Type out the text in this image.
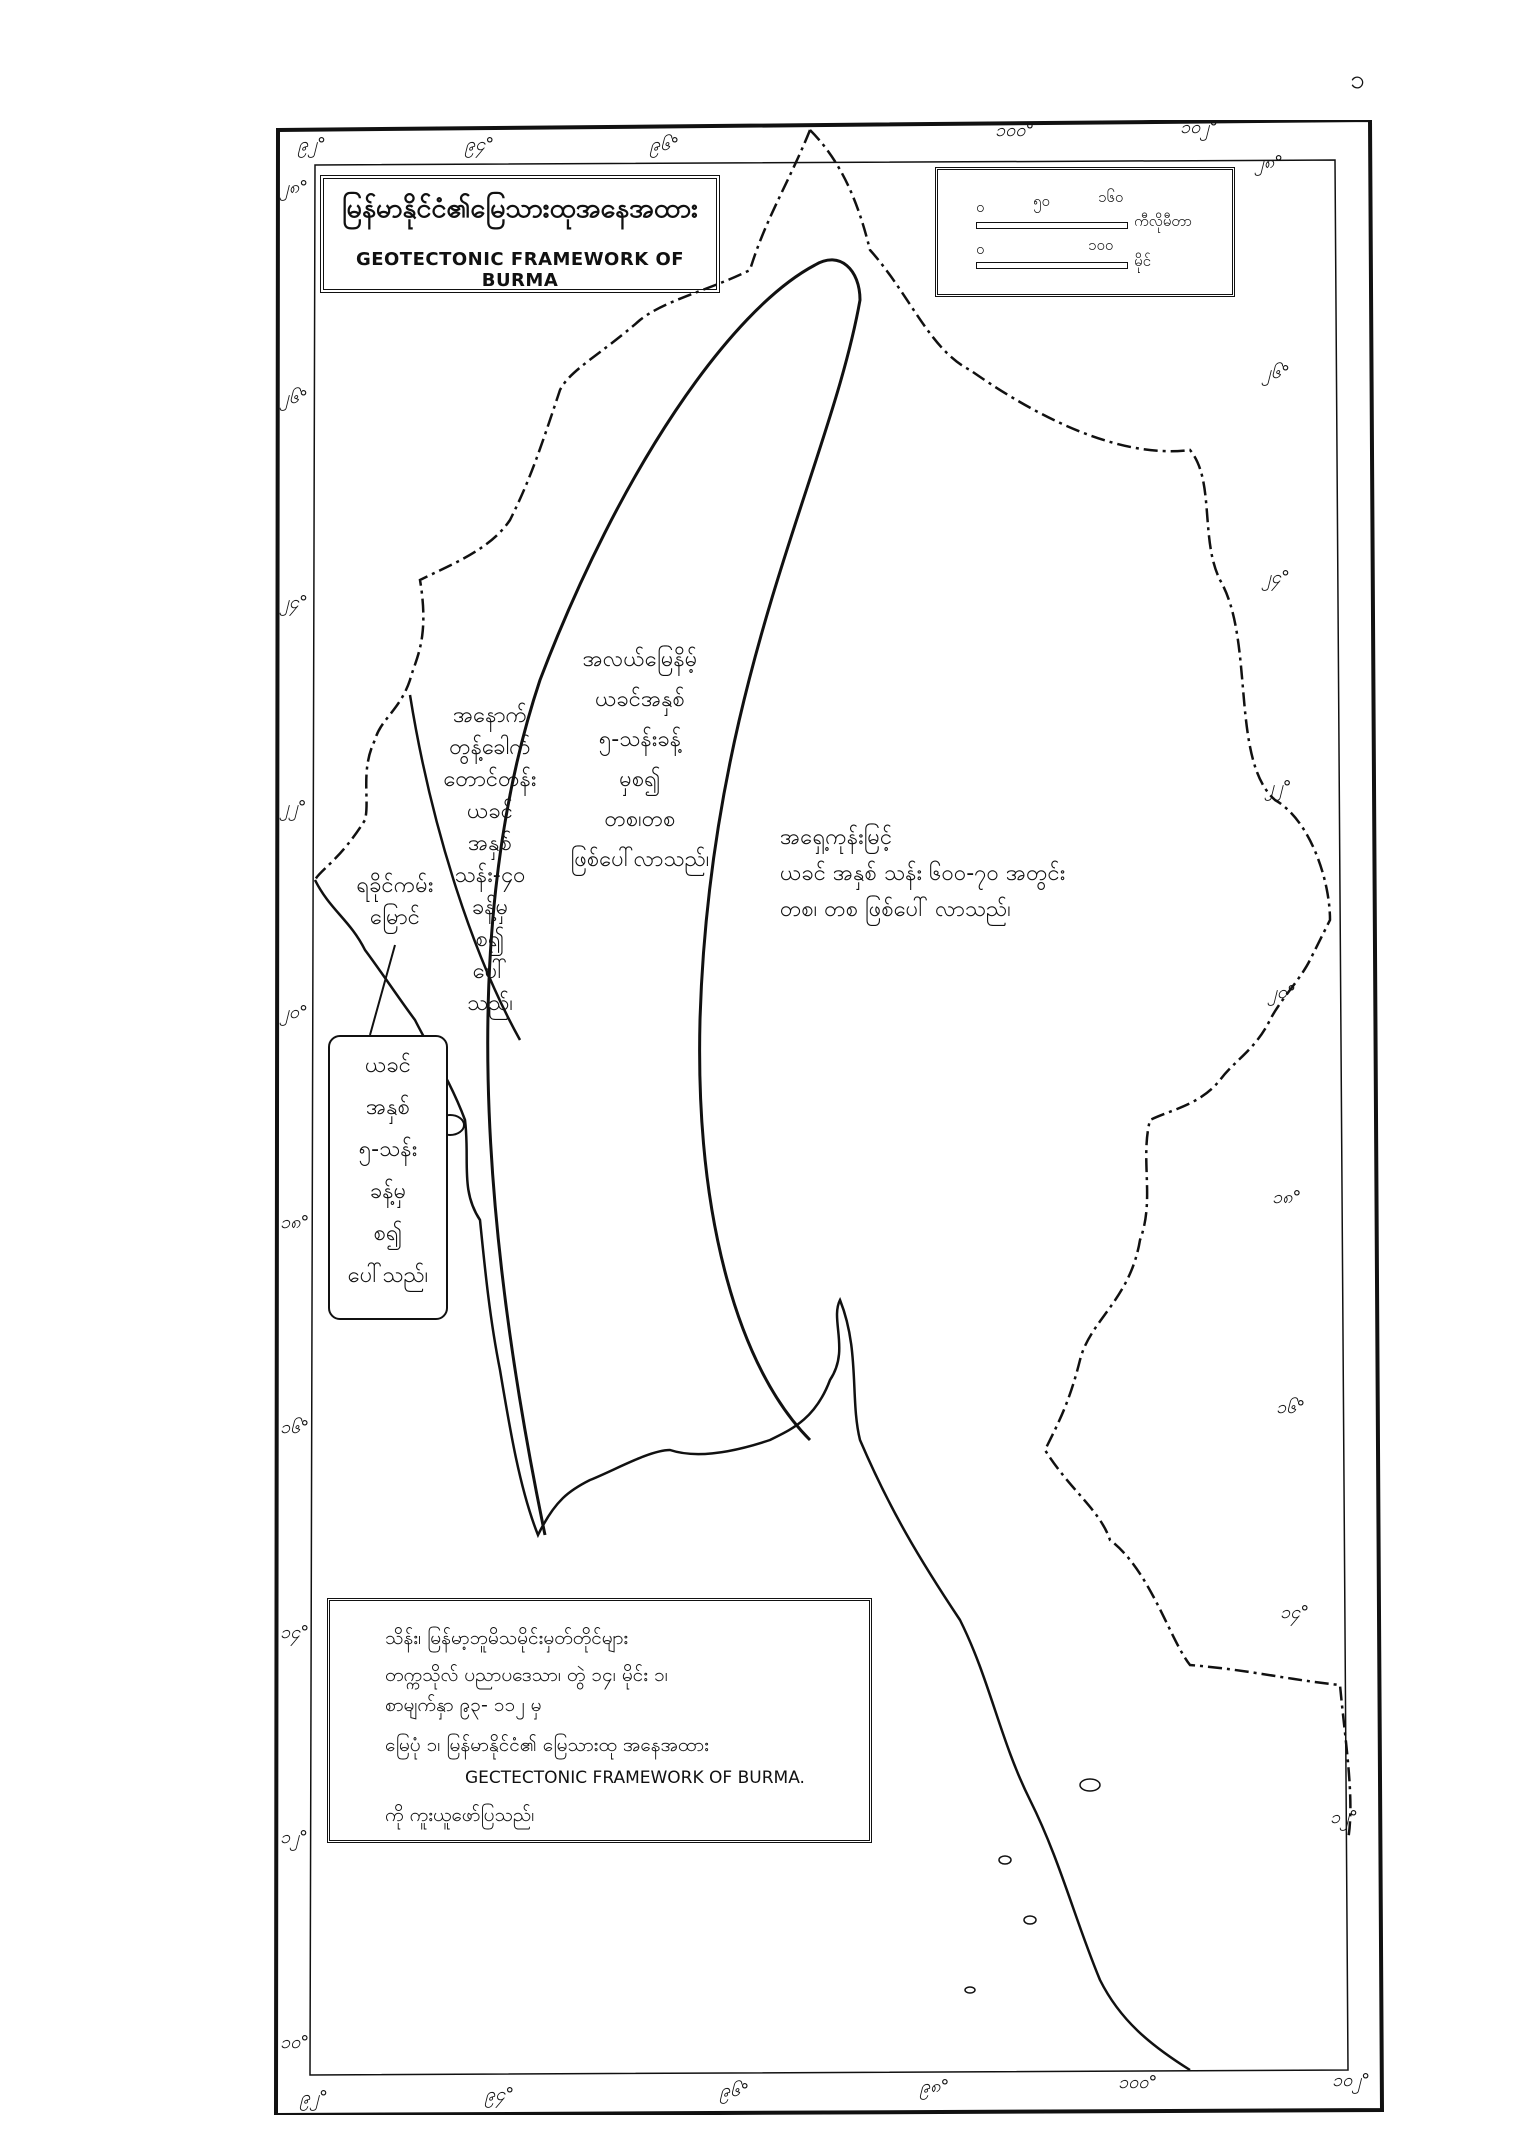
၁
မြန်မာနိုင်ငံ၏မြေသားထုအနေအထား
GEOTECTONIC FRAMEWORK OF BURMA
၀	၅၀	၁၆၀
ကီလိုမီတာ
၀	၁၀၀
မိုင်
၉၂°	၉၄°	၉၆°
၁၀၀°	၁၀၂°
၉၂°	၉၄°	၉၆°	၉၈°	၁၀၀°	၁၀၂°
၂၈°
၂၆°
၂၄°
၂၂°
၂၀°
၁၈°
၁၆°
၁၄°
၁၂°
၁၀°
၂၈°
၂၆°
၂၄°
၂၂°
၂၀°
၁၈°
၁၆°
၁၄°
၁၂°
အလယ်မြေနိမ့်
ယခင်အနှစ်
၅-သန်းခန့်
မှစ၍
တစ၊တစ
ဖြစ်ပေါ်လာသည်၊
အနောက်
တွန့်ခေါက်
တောင်တန်း
ယခင်
အနှစ်
သန်း-၄၀
ခန့်မှ
စ၍
ပေါ်
သည်၊
အရှေ့ကုန်းမြင့်
ယခင် အနှစ် သန်း ၆၀၀-၇၀ အတွင်း
တစ၊ တစ ဖြစ်ပေါ် လာသည်၊
ရခိုင်ကမ်း
မြောင်
ယခင်
အနှစ်
၅-သန်း
ခန့်မှ
စ၍
ပေါ်သည်၊
သိန်း၊ မြန်မာ့ဘူမိသမိုင်းမှတ်တိုင်များ
တက္ကသိုလ် ပညာပဒေသာ၊ တွဲ ၁၄၊ မိုင်း ၁၊
စာမျက်နှာ ၉၃- ၁၁၂ မှ
မြေပုံ ၁၊ မြန်မာနိုင်ငံ၏ မြေသားထု အနေအထား
GECTECTONIC FRAMEWORK OF BURMA.
ကို ကူးယူဖော်ပြသည်၊
